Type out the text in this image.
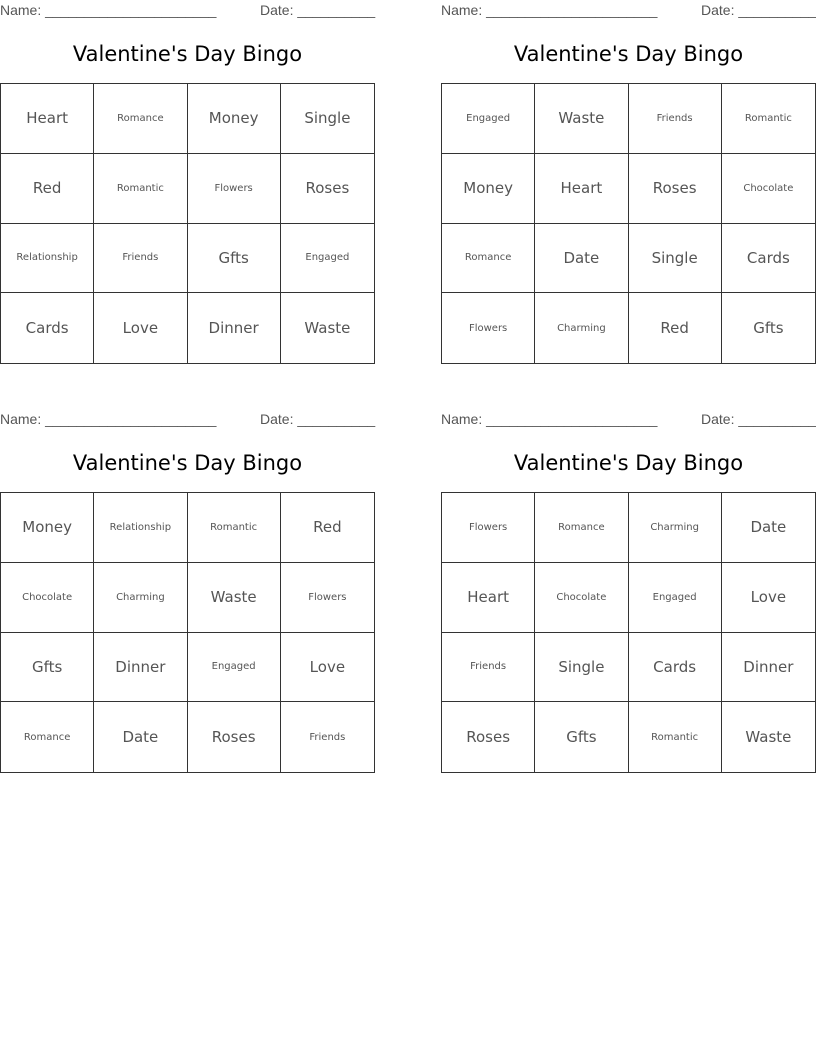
Name: ______________________	Date: __________
Valentine's Day Bingo
Heart	Romance	Money	Single
Red	Romantic	Flowers	Roses
Relationship	Friends	Gfts	Engaged
Cards	Love	Dinner	Waste
Name: ______________________	Date: __________
Valentine's Day Bingo
Engaged	Waste	Friends	Romantic
Money	Heart	Roses	Chocolate
Romance	Date	Single	Cards
Flowers	Charming	Red	Gfts
Name: ______________________	Date: __________
Valentine's Day Bingo
Money	Relationship	Romantic	Red
Chocolate	Charming	Waste	Flowers
Gfts	Dinner	Engaged	Love
Romance	Date	Roses	Friends
Name: ______________________	Date: __________
Valentine's Day Bingo
Flowers	Romance	Charming	Date
Heart	Chocolate	Engaged	Love
Friends	Single	Cards	Dinner
Roses	Gfts	Romantic	Waste
